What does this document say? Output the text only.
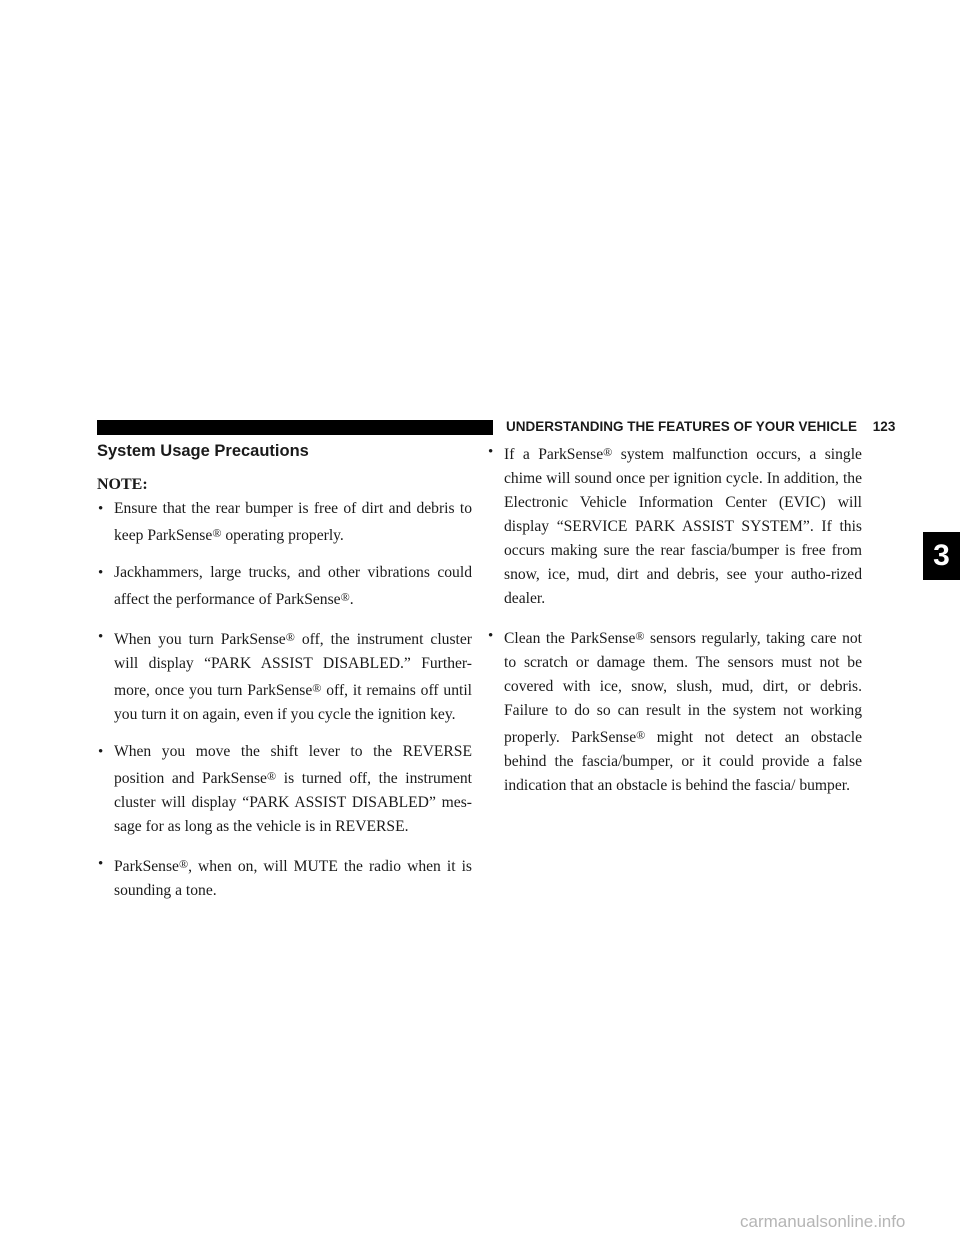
UNDERSTANDING THE FEATURES OF YOUR VEHICLE 123
System Usage Precautions
NOTE:
• Ensure that the rear bumper is free of dirt and debris to keep ParkSense® operating properly.
• Jackhammers, large trucks, and other vibrations could affect the performance of ParkSense®.
• When you turn ParkSense® off, the instrument cluster will display “PARK ASSIST DISABLED.” Further-more, once you turn ParkSense® off, it remains off until you turn it on again, even if you cycle the ignition key.
• When you move the shift lever to the REVERSE position and ParkSense® is turned off, the instrument cluster will display “PARK ASSIST DISABLED” mes-sage for as long as the vehicle is in REVERSE.
• ParkSense®, when on, will MUTE the radio when it is sounding a tone.
• If a ParkSense® system malfunction occurs, a single chime will sound once per ignition cycle. In addition, the Electronic Vehicle Information Center (EVIC) will display “SERVICE PARK ASSIST SYSTEM”. If this occurs making sure the rear fascia/bumper is free from snow, ice, mud, dirt and debris, see your autho-rized dealer.
• Clean the ParkSense® sensors regularly, taking care not to scratch or damage them. The sensors must not be covered with ice, snow, slush, mud, dirt, or debris. Failure to do so can result in the system not working properly. ParkSense® might not detect an obstacle behind the fascia/bumper, or it could provide a false indication that an obstacle is behind the fascia/ bumper.
3
carmanualsonline.info
